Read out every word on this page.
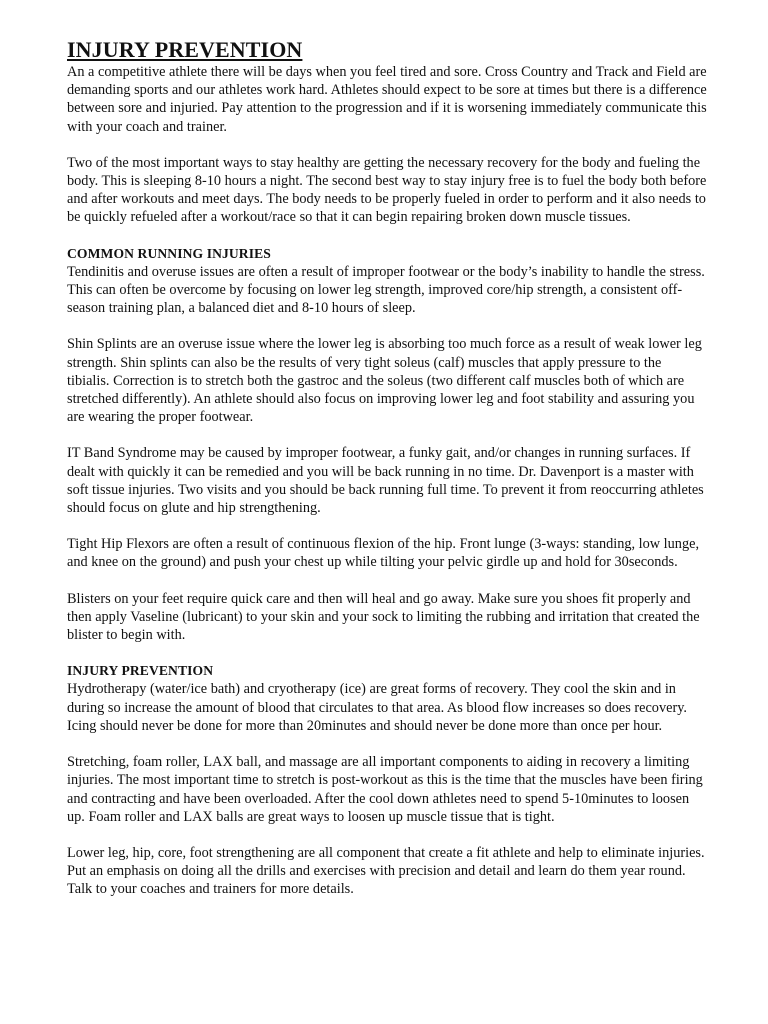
INJURY PREVENTION

An a competitive athlete there will be days when you feel tired and sore. Cross Country and Track and Field are demanding sports and our athletes work hard. Athletes should expect to be sore at times but there is a difference between sore and injuried. Pay attention to the progression and if it is worsening immediately communicate this with your coach and trainer.

Two of the most important ways to stay healthy are getting the necessary recovery for the body and fueling the body. This is sleeping 8-10 hours a night. The second best way to stay injury free is to fuel the body both before and after workouts and meet days. The body needs to be properly fueled in order to perform and it also needs to be quickly refueled after a workout/race so that it can begin repairing broken down muscle tissues.

COMMON RUNNING INJURIES

Tendinitis and overuse issues are often a result of improper footwear or the body’s inability to handle the stress. This can often be overcome by focusing on lower leg strength, improved core/hip strength, a consistent off-season training plan, a balanced diet and 8-10 hours of sleep.

Shin Splints are an overuse issue where the lower leg is absorbing too much force as a result of weak lower leg strength. Shin splints can also be the results of very tight soleus (calf) muscles that apply pressure to the tibialis. Correction is to stretch both the gastroc and the soleus (two different calf muscles both of which are stretched differently). An athlete should also focus on improving lower leg and foot stability and assuring you are wearing the proper footwear.

IT Band Syndrome may be caused by improper footwear, a funky gait, and/or changes in running surfaces. If dealt with quickly it can be remedied and you will be back running in no time. Dr. Davenport is a master with soft tissue injuries. Two visits and you should be back running full time. To prevent it from reoccurring athletes should focus on glute and hip strengthening.

Tight Hip Flexors are often a result of continuous flexion of the hip. Front lunge (3-ways: standing, low lunge, and knee on the ground) and push your chest up while tilting your pelvic girdle up and hold for 30seconds.

Blisters on your feet require quick care and then will heal and go away. Make sure you shoes fit properly and then apply Vaseline (lubricant) to your skin and your sock to limiting the rubbing and irritation that created the blister to begin with.

INJURY PREVENTION

Hydrotherapy (water/ice bath) and cryotherapy (ice) are great forms of recovery. They cool the skin and in during so increase the amount of blood that circulates to that area. As blood flow increases so does recovery. Icing should never be done for more than 20minutes and should never be done more than once per hour.

Stretching, foam roller, LAX ball, and massage are all important components to aiding in recovery a limiting injuries. The most important time to stretch is post-workout as this is the time that the muscles have been firing and contracting and have been overloaded. After the cool down athletes need to spend 5-10minutes to loosen up. Foam roller and LAX balls are great ways to loosen up muscle tissue that is tight.

Lower leg, hip, core, foot strengthening are all component that create a fit athlete and help to eliminate injuries. Put an emphasis on doing all the drills and exercises with precision and detail and learn do them year round. Talk to your coaches and trainers for more details.
